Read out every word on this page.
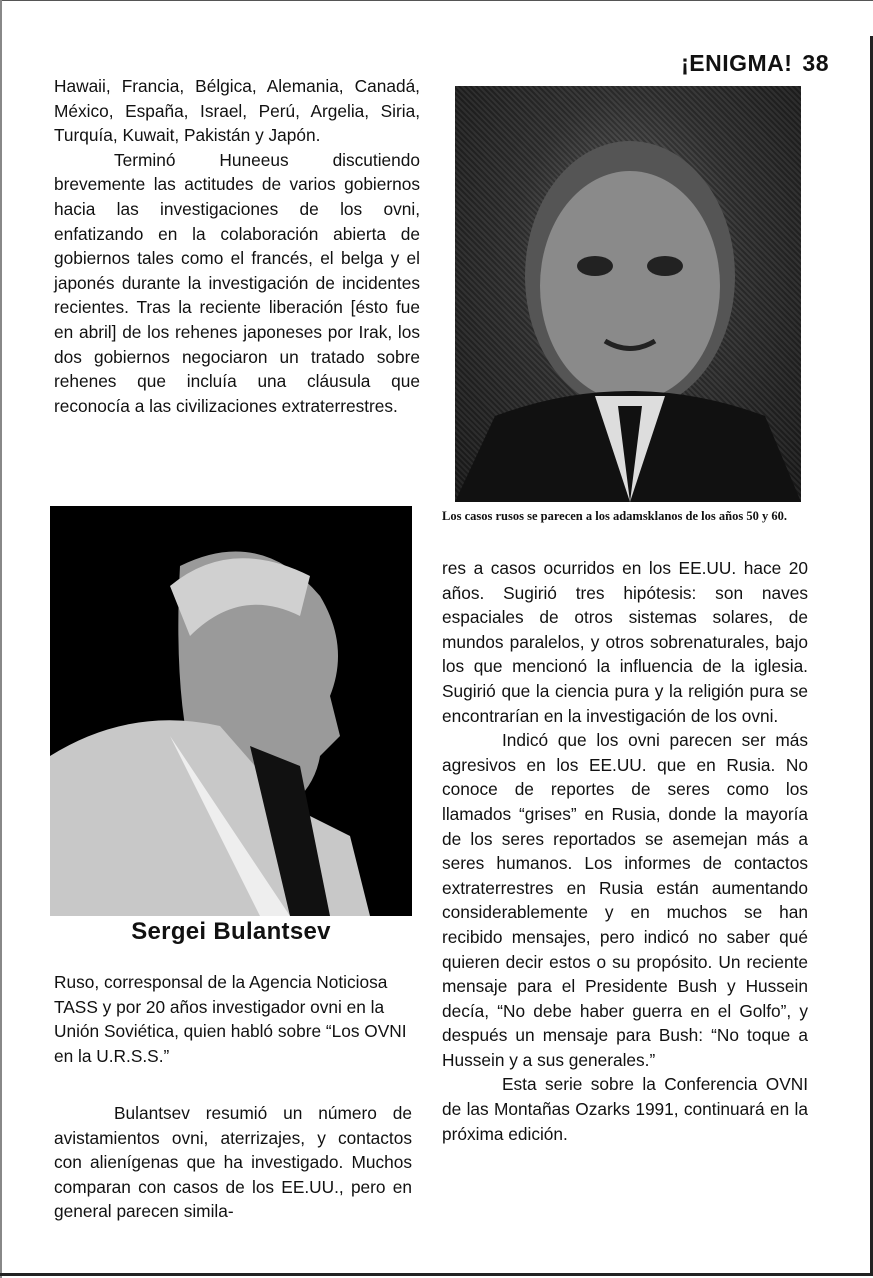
¡ENIGMA! 38

Hawaii, Francia, Bélgica, Alemania, Canadá, México, España, Israel, Perú, Argelia, Siria, Turquía, Kuwait, Pakistán y Japón.

Terminó Huneeus discutiendo brevemente las actitudes de varios gobiernos hacia las investigaciones de los ovni, enfatizando en la colaboración abierta de gobiernos tales como el francés, el belga y el japonés durante la investigación de incidentes recientes. Tras la reciente liberación [ésto fue en abril] de los rehenes japoneses por Irak, los dos gobiernos negociaron un tratado sobre rehenes que incluía una cláusula que reconocía a las civilizaciones extraterrestres.

Los casos rusos se parecen a los adamsklanos de los años 50 y 60.
Sergei Bulantsev

Ruso, corresponsal de la Agencia Noticiosa TASS y por 20 años investigador ovni en la Unión Soviética, quien habló sobre “Los OVNI en la U.R.S.S.”

Bulantsev resumió un número de avistamientos ovni, aterrizajes, y contactos con alienígenas que ha investigado. Muchos comparan con casos de los EE.UU., pero en general parecen simila-

res a casos ocurridos en los EE.UU. hace 20 años. Sugirió tres hipótesis: son naves espaciales de otros sistemas solares, de mundos paralelos, y otros sobrenaturales, bajo los que mencionó la influencia de la iglesia. Sugirió que la ciencia pura y la religión pura se encontrarían en la investigación de los ovni.

Indicó que los ovni parecen ser más agresivos en los EE.UU. que en Rusia. No conoce de reportes de seres como los llamados “grises” en Rusia, donde la mayoría de los seres reportados se asemejan más a seres humanos. Los informes de contactos extraterrestres en Rusia están aumentando considerablemente y en muchos se han recibido mensajes, pero indicó no saber qué quieren decir estos o su propósito. Un reciente mensaje para el Presidente Bush y Hussein decía, “No debe haber guerra en el Golfo”, y después un mensaje para Bush: “No toque a Hussein y a sus generales.”

Esta serie sobre la Conferencia OVNI de las Montañas Ozarks 1991, continuará en la próxima edición.
